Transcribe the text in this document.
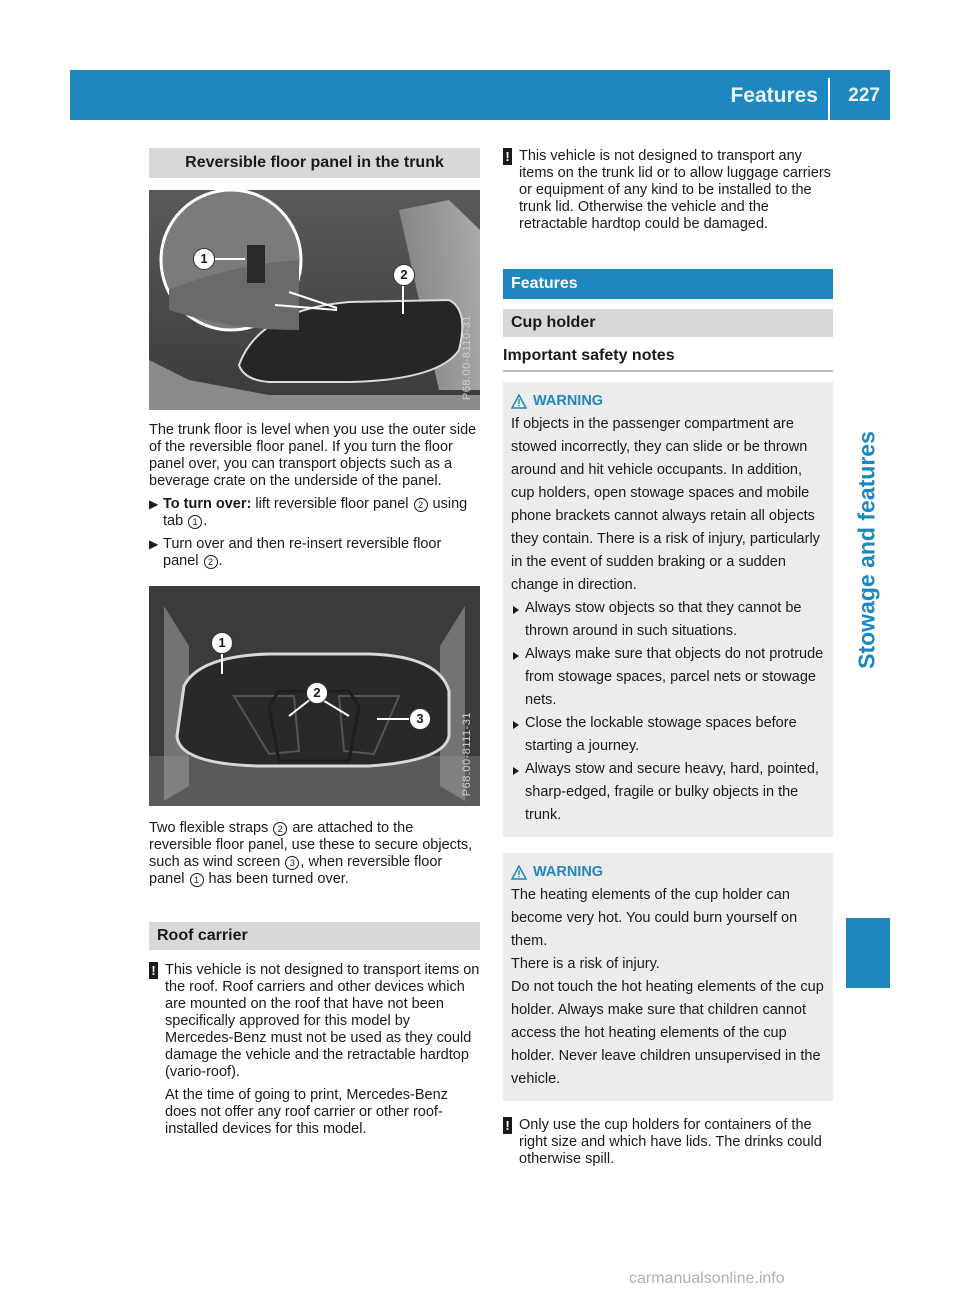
Features 227
Stowage and features
Reversible floor panel in the trunk
1
2
P68.00-8110-31

The trunk floor is level when you use the outer side of the reversible floor panel. If you turn the floor panel over, you can transport objects such as a beverage crate on the underside of the panel.

▶ To turn over: lift reversible floor panel 2 using tab 1 .
▶ Turn over and then re-insert reversible floor panel 2 .
1
2
3	P68.00-8111-31

Two flexible straps 2 are attached to the reversible floor panel, use these to secure objects, such as wind screen 3 , when reversible floor panel 1 has been turned over.

Roof carrier
! This vehicle is not designed to transport items on the roof. Roof carriers and other devices which are mounted on the roof that have not been specifically approved for this model by Mercedes-Benz must not be used as they could damage the vehicle and the retractable hardtop (vario-roof).

At the time of going to print, Mercedes-Benz does not offer any roof carrier or other roof-installed devices for this model.

! This vehicle is not designed to transport any items on the trunk lid or to allow luggage carriers or equipment of any kind to be installed to the trunk lid. Otherwise the vehicle and the retractable hardtop could be damaged.
Features
Cup holder
Important safety notes
WARNING
If objects in the passenger compartment are stowed incorrectly, they can slide or be thrown around and hit vehicle occupants. In addition, cup holders, open stowage spaces and mobile phone brackets cannot always retain all objects they contain. There is a risk of injury, particularly in the event of sudden braking or a sudden change in direction.
Always stow objects so that they cannot be thrown around in such situations.
Always make sure that objects do not protrude from stowage spaces, parcel nets or stowage nets.
Close the lockable stowage spaces before starting a journey.
Always stow and secure heavy, hard, pointed, sharp-edged, fragile or bulky objects in the trunk.
WARNING
The heating elements of the cup holder can become very hot. You could burn yourself on them.
There is a risk of injury.
Do not touch the hot heating elements of the cup holder. Always make sure that children cannot access the hot heating elements of the cup holder. Never leave children unsupervised in the vehicle.
! Only use the cup holders for containers of the right size and which have lids. The drinks could otherwise spill.
carmanualsonline.info
